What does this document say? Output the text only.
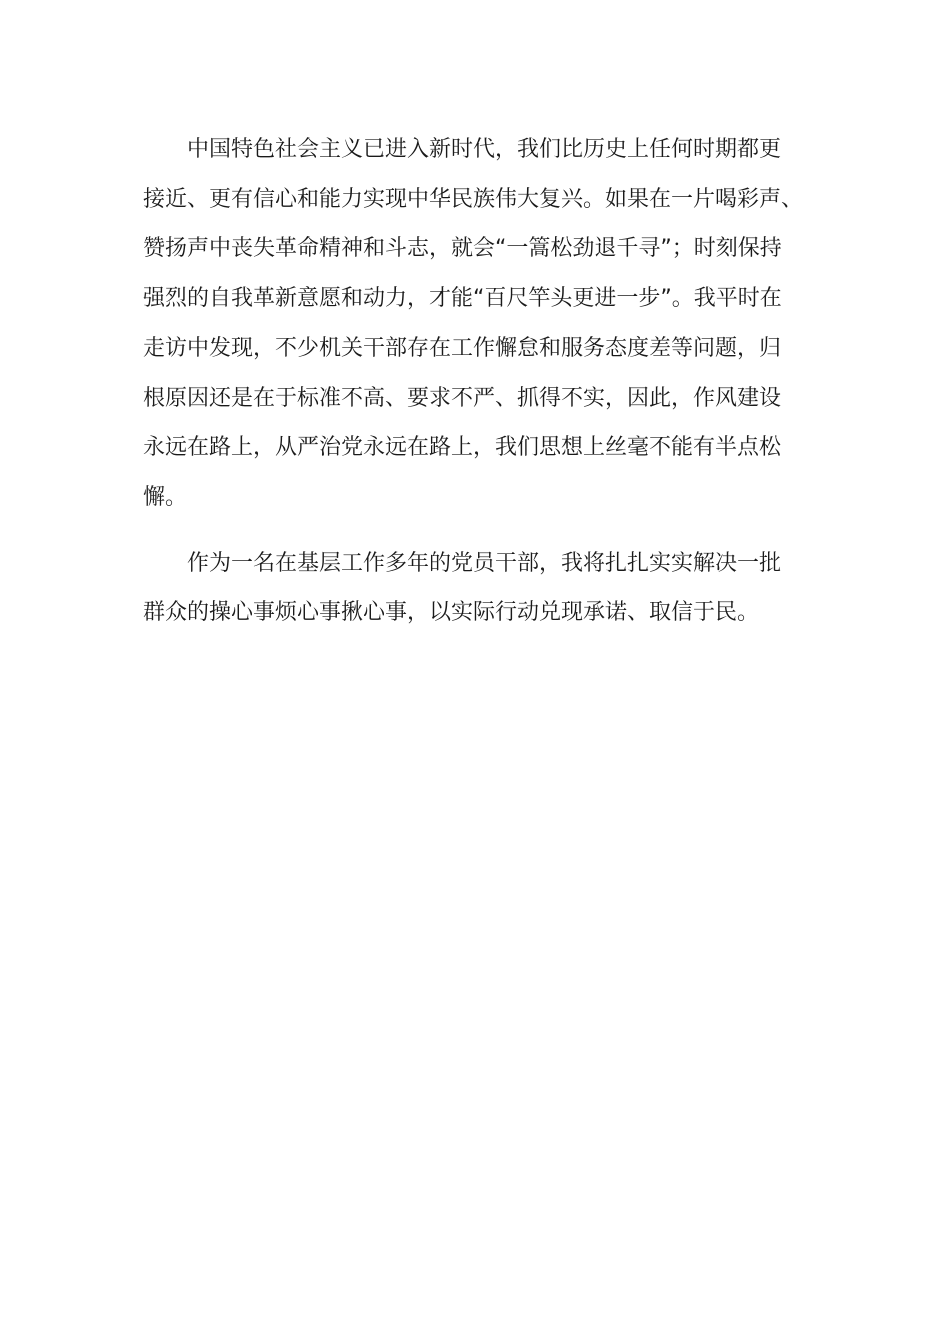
　　中国特色社会主义已进入新时代，我们比历史上任何时期都更
接近、更有信心和能力实现中华民族伟大复兴。如果在一片喝彩声、
赞扬声中丧失革命精神和斗志，就会“一篙松劲退千寻”；时刻保持
强烈的自我革新意愿和动力，才能“百尺竿头更进一步”。我平时在
走访中发现，不少机关干部存在工作懈怠和服务态度差等问题，归
根原因还是在于标准不高、要求不严、抓得不实，因此，作风建设
永远在路上，从严治党永远在路上，我们思想上丝毫不能有半点松
懈。

　　作为一名在基层工作多年的党员干部，我将扎扎实实解决一批
群众的操心事烦心事揪心事，以实际行动兑现承诺、取信于民。
